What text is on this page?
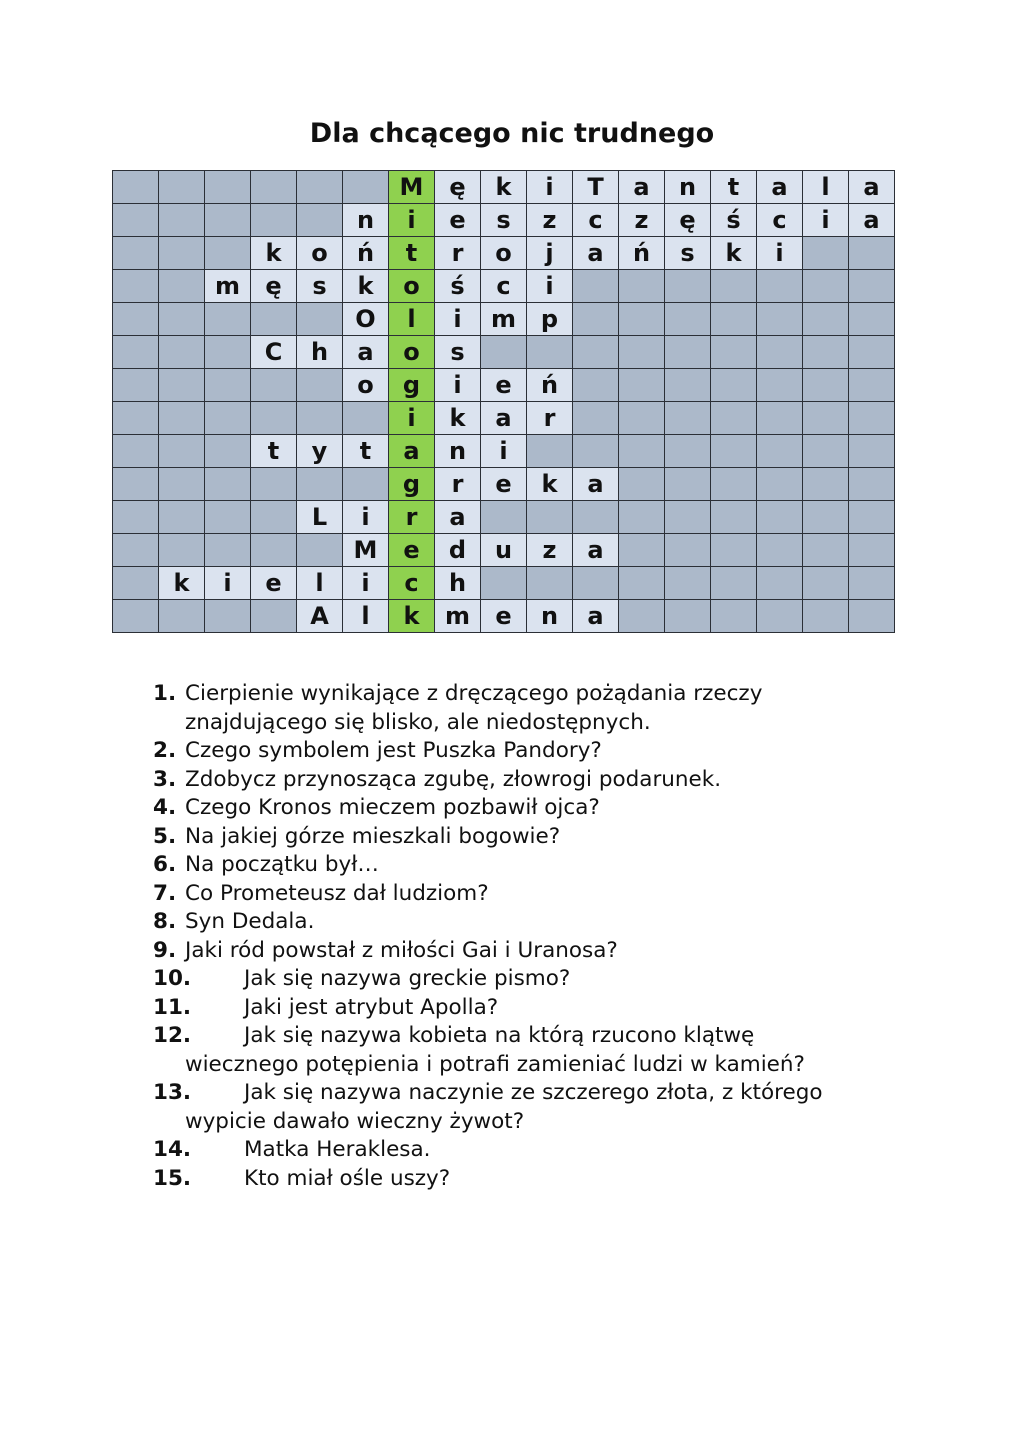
Dla chcącego nic trudnego
						M	ę	k	i	T	a	n	t	a	l	a
					n	i	e	s	z	c	z	ę	ś	c	i	a
			k	o	ń	t	r	o	j	a	ń	s	k	i		
		m	ę	s	k	o	ś	c	i							
					O	l	i	m	p							
			C	h	a	o	s									
					o	g	i	e	ń							
						i	k	a	r							
			t	y	t	a	n	i								
						g	r	e	k	a						
				L	i	r	a									
					M	e	d	u	z	a						
	k	i	e	l	i	c	h									
				A	l	k	m	e	n	a						
1. Cierpienie wynikające z dręczącego pożądania rzeczy
znajdującego się blisko, ale niedostępnych.
2. Czego symbolem jest Puszka Pandory?
3. Zdobycz przynosząca zgubę, złowrogi podarunek.
4. Czego Kronos mieczem pozbawił ojca?
5. Na jakiej górze mieszkali bogowie?
6. Na początku był…
7. Co Prometeusz dał ludziom?
8. Syn Dedala.
9. Jaki ród powstał z miłości Gai i Uranosa?
10. Jak się nazywa greckie pismo?
11. Jaki jest atrybut Apolla?
12. Jak się nazywa kobieta na którą rzucono klątwę
wiecznego potępienia i potrafi zamieniać ludzi w kamień?
13. Jak się nazywa naczynie ze szczerego złota, z którego
wypicie dawało wieczny żywot?
14. Matka Heraklesa.
15. Kto miał ośle uszy?
